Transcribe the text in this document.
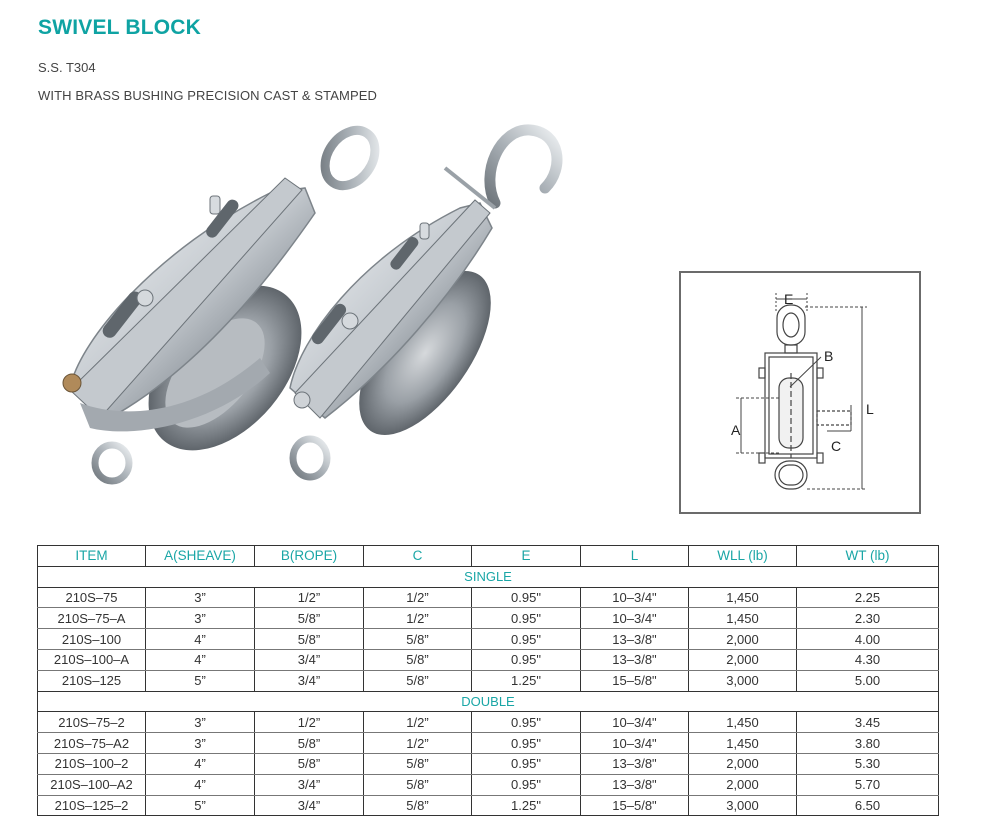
SWIVEL BLOCK
S.S. T304
WITH BRASS BUSHING PRECISION CAST & STAMPED
E
B
A
C
L
ITEM	A(SHEAVE)	B(ROPE)	C	E	L	WLL (lb)	WT (lb)
SINGLE							
210S–75	3”	1/2”	1/2”	0.95"	10–3/4"	1,450	2.25
210S–75–A	3”	5/8”	1/2”	0.95"	10–3/4"	1,450	2.30
210S–100	4”	5/8”	5/8”	0.95"	13–3/8"	2,000	4.00
210S–100–A	4”	3/4”	5/8”	0.95"	13–3/8"	2,000	4.30
210S–125	5”	3/4”	5/8”	1.25"	15–5/8"	3,000	5.00
DOUBLE							
210S–75–2	3”	1/2”	1/2”	0.95"	10–3/4"	1,450	3.45
210S–75–A2	3”	5/8”	1/2”	0.95"	10–3/4"	1,450	3.80
210S–100–2	4”	5/8”	5/8”	0.95"	13–3/8"	2,000	5.30
210S–100–A2	4”	3/4”	5/8”	0.95"	13–3/8"	2,000	5.70
210S–125–2	5”	3/4”	5/8”	1.25"	15–5/8"	3,000	6.50
